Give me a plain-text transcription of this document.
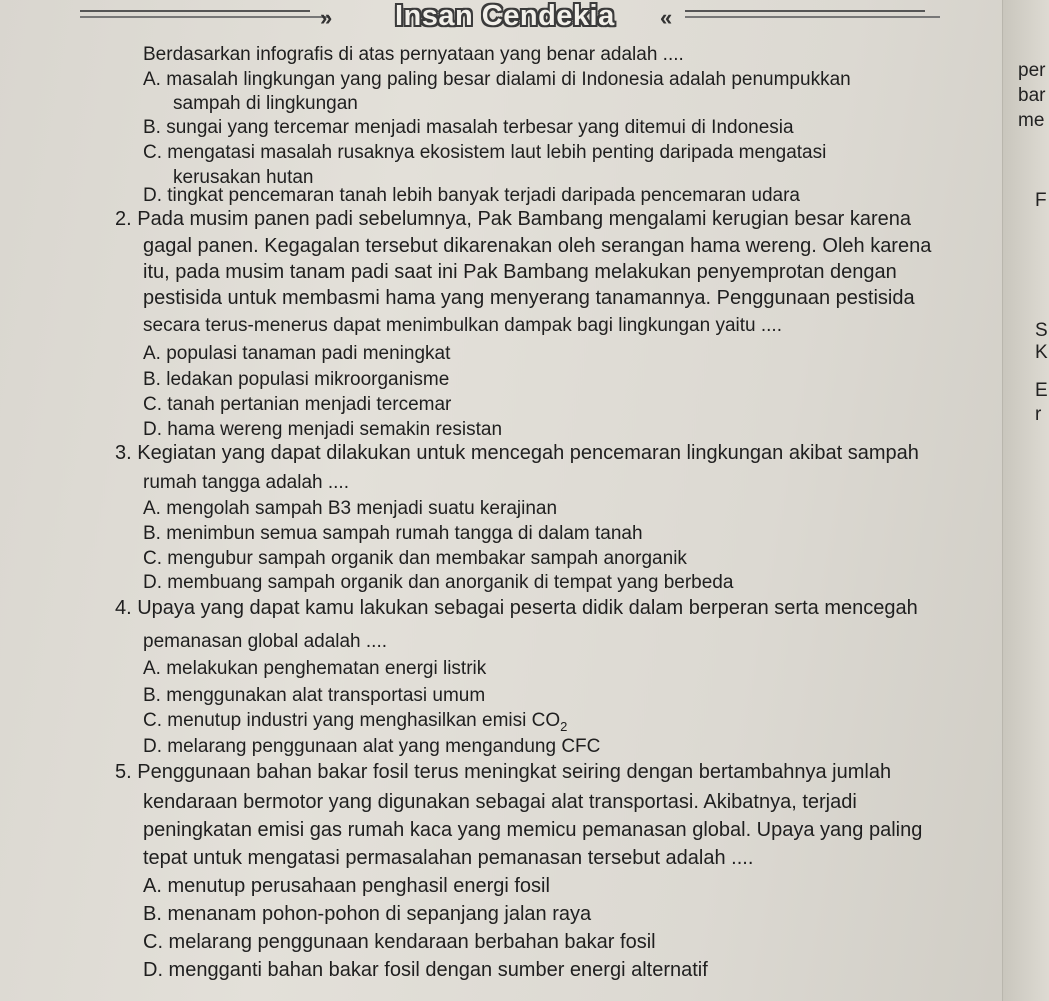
» Insan Cendekia «
Berdasarkan infografis di atas pernyataan yang benar adalah ....
A. masalah lingkungan yang paling besar dialami di Indonesia adalah penumpukkan
sampah di lingkungan
B. sungai yang tercemar menjadi masalah terbesar yang ditemui di Indonesia
C. mengatasi masalah rusaknya ekosistem laut lebih penting daripada mengatasi
kerusakan hutan
D. tingkat pencemaran tanah lebih banyak terjadi daripada pencemaran udara
2. Pada musim panen padi sebelumnya, Pak Bambang mengalami kerugian besar karena
gagal panen. Kegagalan tersebut dikarenakan oleh serangan hama wereng. Oleh karena
itu, pada musim tanam padi saat ini Pak Bambang melakukan penyemprotan dengan
pestisida untuk membasmi hama yang menyerang tanamannya. Penggunaan pestisida
secara terus-menerus dapat menimbulkan dampak bagi lingkungan yaitu ....
A. populasi tanaman padi meningkat
B. ledakan populasi mikroorganisme
C. tanah pertanian menjadi tercemar
D. hama wereng menjadi semakin resistan
3. Kegiatan yang dapat dilakukan untuk mencegah pencemaran lingkungan akibat sampah
rumah tangga adalah ....
A. mengolah sampah B3 menjadi suatu kerajinan
B. menimbun semua sampah rumah tangga di dalam tanah
C. mengubur sampah organik dan membakar sampah anorganik
D. membuang sampah organik dan anorganik di tempat yang berbeda
4. Upaya yang dapat kamu lakukan sebagai peserta didik dalam berperan serta mencegah
pemanasan global adalah ....
A. melakukan penghematan energi listrik
B. menggunakan alat transportasi umum
C. menutup industri yang menghasilkan emisi $CO_2$
D. melarang penggunaan alat yang mengandung CFC
5. Penggunaan bahan bakar fosil terus meningkat seiring dengan bertambahnya jumlah
kendaraan bermotor yang digunakan sebagai alat transportasi. Akibatnya, terjadi
peningkatan emisi gas rumah kaca yang memicu pemanasan global. Upaya yang paling
tepat untuk mengatasi permasalahan pemanasan tersebut adalah ....
A. menutup perusahaan penghasil energi fosil
B. menanam pohon-pohon di sepanjang jalan raya
C. melarang penggunaan kendaraan berbahan bakar fosil
D. mengganti bahan bakar fosil dengan sumber energi alternatif
per
bar
me
F
S
K
E
r
